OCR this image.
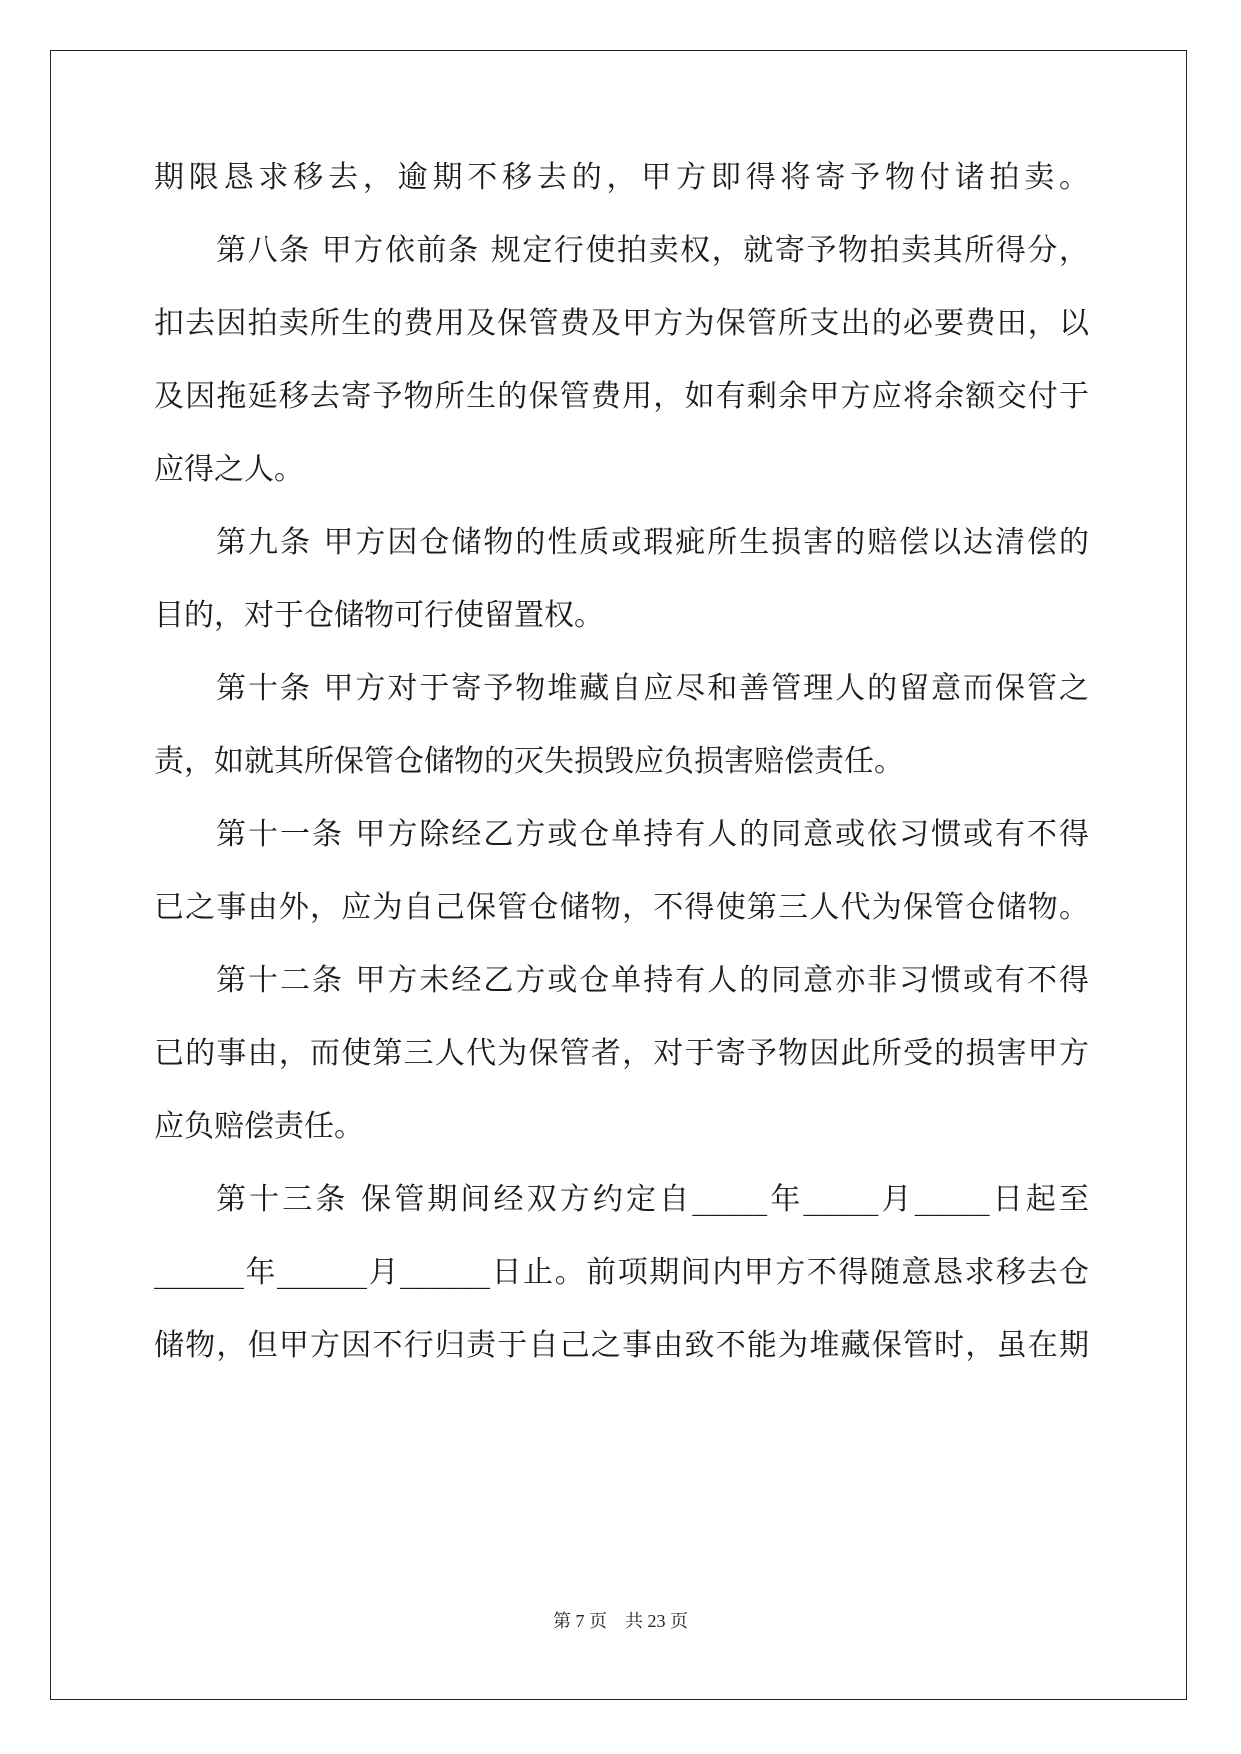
期限恳求移去，逾期不移去的，甲方即得将寄予物付诸拍卖。
第八条 甲方依前条 规定行使拍卖权，就寄予物拍卖其所得分，
扣去因拍卖所生的费用及保管费及甲方为保管所支出的必要费田，以
及因拖延移去寄予物所生的保管费用，如有剩余甲方应将余额交付于
应得之人。
第九条 甲方因仓储物的性质或瑕疵所生损害的赔偿以达清偿的
目的，对于仓储物可行使留置权。
第十条 甲方对于寄予物堆藏自应尽和善管理人的留意而保管之
责，如就其所保管仓储物的灭失损毁应负损害赔偿责任。
第十一条 甲方除经乙方或仓单持有人的同意或依习惯或有不得
已之事由外，应为自己保管仓储物，不得使第三人代为保管仓储物。
第十二条 甲方未经乙方或仓单持有人的同意亦非习惯或有不得
已的事由，而使第三人代为保管者，对于寄予物因此所受的损害甲方
应负赔偿责任。
第十三条 保管期间经双方约定自_____年_____月_____日起至
______年______月______日止。前项期间内甲方不得随意恳求移去仓
储物，但甲方因不行归责于自己之事由致不能为堆藏保管时，虽在期
第 7 页　共 23 页
